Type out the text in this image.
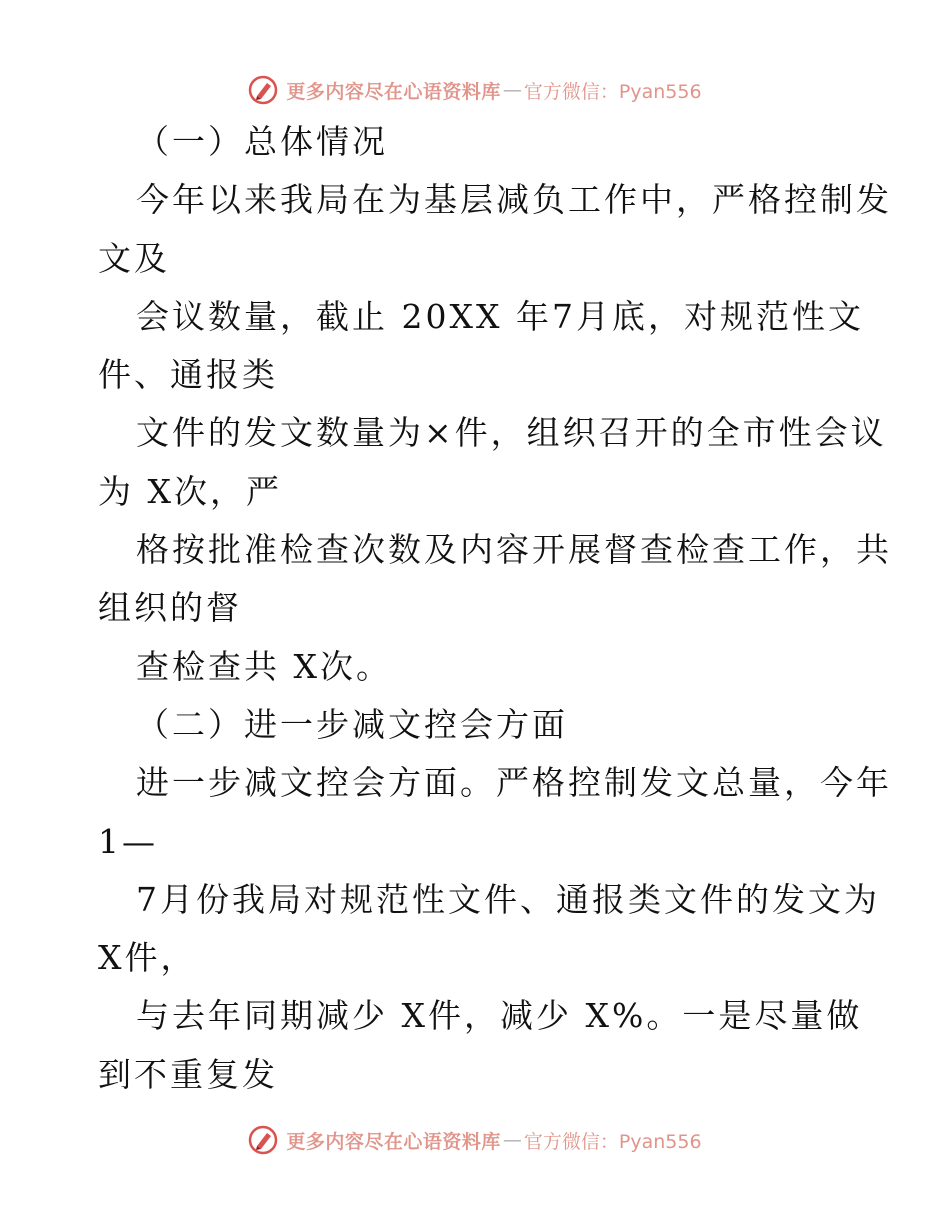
更多内容尽在心语资料库 — 官方微信：Pyan556
（一）总体情况
今年以来我局在为基层减负工作中，严格控制发
文及
会议数量，截止 20XX 年7月底，对规范性文
件、通报类
文件的发文数量为×件，组织召开的全市性会议
为 X次，严
格按批准检查次数及内容开展督查检查工作，共
组织的督
查检查共 X次。
（二）进一步减文控会方面
进一步减文控会方面。严格控制发文总量，今年
1—
7月份我局对规范性文件、通报类文件的发文为
X件，
与去年同期减少 X件，减少 X%。一是尽量做
到不重复发
更多内容尽在心语资料库 — 官方微信：Pyan556
